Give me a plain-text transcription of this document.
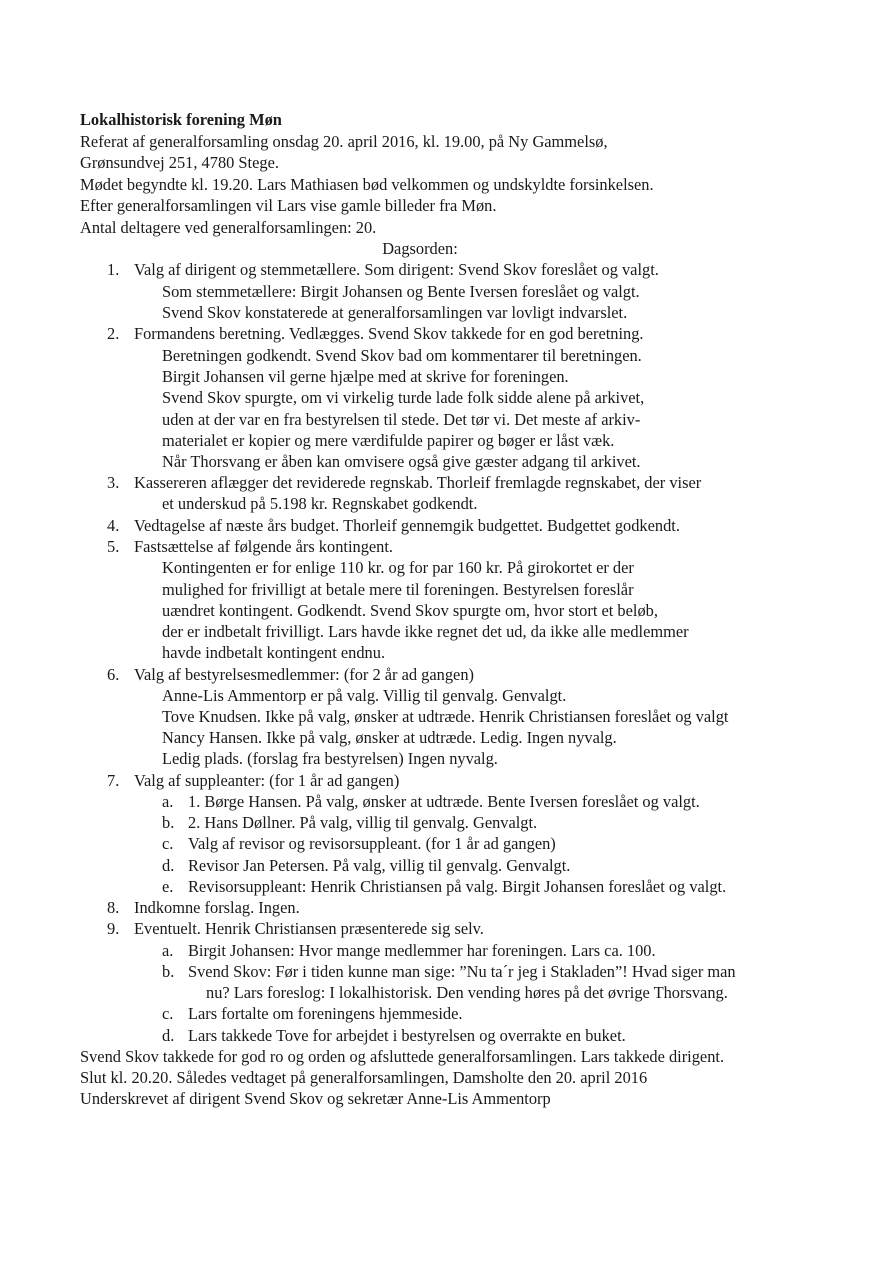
Lokalhistorisk forening Møn

Referat af generalforsamling onsdag 20. april 2016, kl. 19.00, på Ny Gammelsø,

Grønsundvej 251, 4780 Stege.

Mødet begyndte kl. 19.20. Lars Mathiasen bød velkommen og undskyldte forsinkelsen.

Efter generalforsamlingen vil Lars vise gamle billeder fra Møn.

Antal deltagere ved generalforsamlingen: 20.

Dagsorden:

1. Valg af dirigent og stemmetællere. Som dirigent: Svend Skov foreslået og valgt.

Som stemmetællere: Birgit Johansen og Bente Iversen foreslået og valgt.

Svend Skov konstaterede at generalforsamlingen var lovligt indvarslet.

2. Formandens beretning. Vedlægges. Svend Skov takkede for en god beretning.

Beretningen godkendt. Svend Skov bad om kommentarer til beretningen.

Birgit Johansen vil gerne hjælpe med at skrive for foreningen.

Svend Skov spurgte, om vi virkelig turde lade folk sidde alene på arkivet,

uden at der var en fra bestyrelsen til stede. Det tør vi. Det meste af arkiv-

materialet er kopier og mere værdifulde papirer og bøger er låst væk.

Når Thorsvang er åben kan omvisere også give gæster adgang til arkivet.

3. Kassereren aflægger det reviderede regnskab. Thorleif fremlagde regnskabet, der viser

et underskud på 5.198 kr. Regnskabet godkendt.

4. Vedtagelse af næste års budget. Thorleif gennemgik budgettet. Budgettet godkendt.

5. Fastsættelse af følgende års kontingent.

Kontingenten er for enlige 110 kr. og for par 160 kr. På girokortet er der

mulighed for frivilligt at betale mere til foreningen. Bestyrelsen foreslår

uændret kontingent. Godkendt. Svend Skov spurgte om, hvor stort et beløb,

der er indbetalt frivilligt. Lars havde ikke regnet det ud, da ikke alle medlemmer

havde indbetalt kontingent endnu.

6. Valg af bestyrelsesmedlemmer: (for 2 år ad gangen)

Anne-Lis Ammentorp er på valg. Villig til genvalg. Genvalgt.

Tove Knudsen. Ikke på valg, ønsker at udtræde. Henrik Christiansen foreslået og valgt

Nancy Hansen. Ikke på valg, ønsker at udtræde. Ledig. Ingen nyvalg.

Ledig plads. (forslag fra bestyrelsen) Ingen nyvalg.

7. Valg af suppleanter: (for 1 år ad gangen)

a. 1. Børge Hansen. På valg, ønsker at udtræde. Bente Iversen foreslået og valgt.

b. 2. Hans Døllner. På valg, villig til genvalg. Genvalgt.

c. Valg af revisor og revisorsuppleant. (for 1 år ad gangen)

d. Revisor Jan Petersen. På valg, villig til genvalg. Genvalgt.

e. Revisorsuppleant: Henrik Christiansen på valg. Birgit Johansen foreslået og valgt.

8. Indkomne forslag. Ingen.

9. Eventuelt. Henrik Christiansen præsenterede sig selv.

a. Birgit Johansen: Hvor mange medlemmer har foreningen. Lars ca. 100.

b. Svend Skov: Før i tiden kunne man sige: ”Nu ta´r jeg i Stakladen”! Hvad siger man

nu? Lars foreslog: I lokalhistorisk. Den vending høres på det øvrige Thorsvang.

c. Lars fortalte om foreningens hjemmeside.

d. Lars takkede Tove for arbejdet i bestyrelsen og overrakte en buket.

Svend Skov takkede for god ro og orden og afsluttede generalforsamlingen. Lars takkede dirigent.

Slut kl. 20.20. Således vedtaget på generalforsamlingen, Damsholte den 20. april 2016

Underskrevet af dirigent Svend Skov og sekretær Anne-Lis Ammentorp
